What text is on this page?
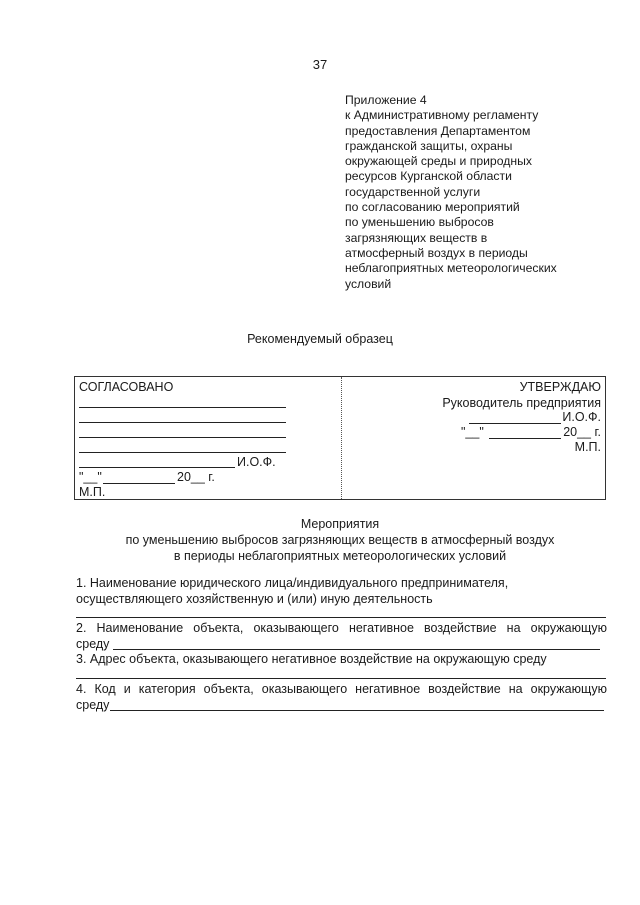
37
Приложение 4
к Административному регламенту
предоставления Департаментом
гражданской защиты, охраны
окружающей среды и природных
ресурсов Курганской области
государственной услуги
по согласованию мероприятий
по уменьшению выбросов
загрязняющих веществ в
атмосферный воздух в периоды
неблагоприятных метеорологических
условий
Рекомендуемый образец
СОГЛАСОВАНО
И.О.Ф.
"__"	20__ г.
М.П.
УТВЕРЖДАЮ
Руководитель предприятия
И.О.Ф.
"__"	20__ г.
М.П.
Мероприятия
по уменьшению выбросов загрязняющих веществ в атмосферный воздух
в периоды неблагоприятных метеорологических условий
1. Наименование юридического лица/индивидуального предпринимателя,
осуществляющего хозяйственную и (или) иную деятельность
2. Наименование объекта, оказывающего негативное воздействие на окружающую
среду
3. Адрес объекта, оказывающего негативное воздействие на окружающую среду
4. Код и категория объекта, оказывающего негативное воздействие на окружающую
среду
